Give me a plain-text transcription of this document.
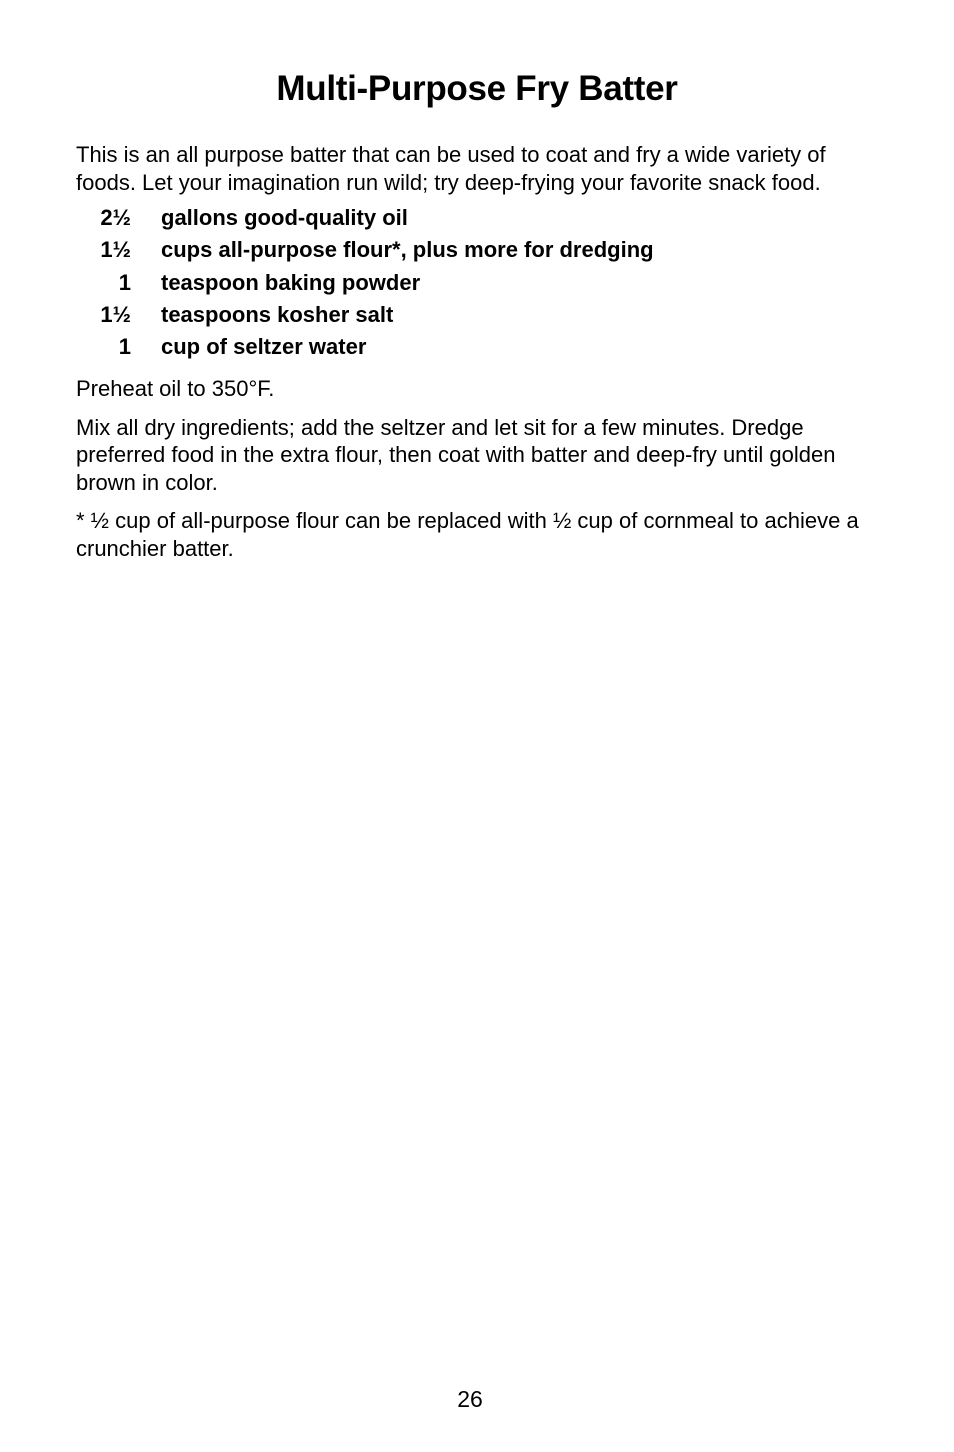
Multi-Purpose Fry Batter

This is an all purpose batter that can be used to coat and fry a wide variety of foods. Let your imagination run wild; try deep-frying your favorite snack food.

2½	gallons good-quality oil
1½	cups all-purpose flour*, plus more for dredging
1	teaspoon baking powder
1½	teaspoons kosher salt
1	cup of seltzer water

Preheat oil to 350°F.

Mix all dry ingredients; add the seltzer and let sit for a few minutes. Dredge preferred food in the extra flour, then coat with batter and deep-fry until golden brown in color.

* ½ cup of all-purpose flour can be replaced with ½ cup of cornmeal to achieve a crunchier batter.

26
